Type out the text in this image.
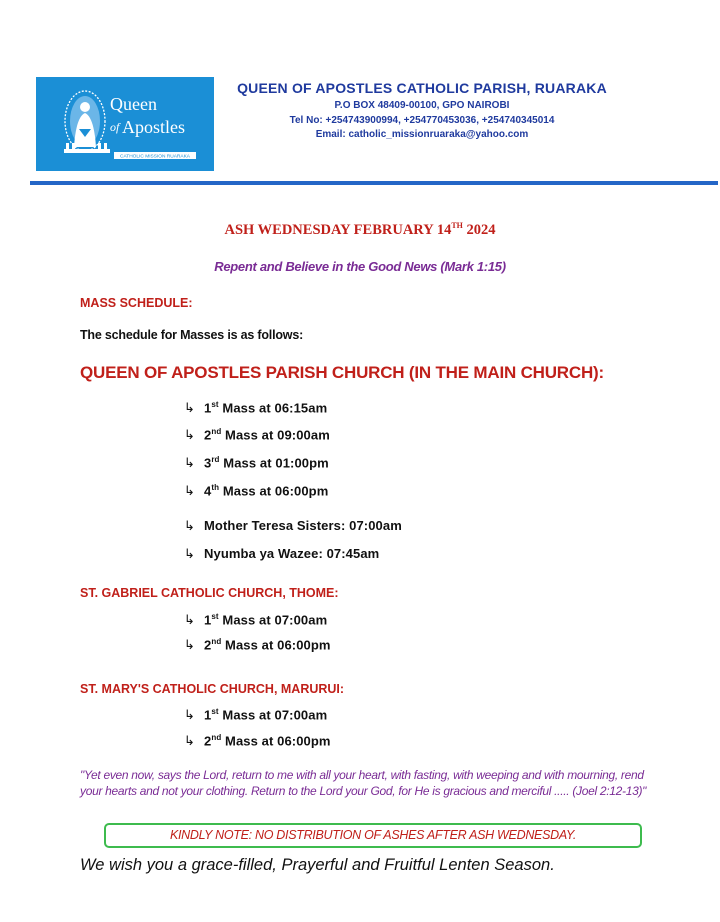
Queen
of Apostles
CATHOLIC MISSION RUARAKA
QUEEN OF APOSTLES CATHOLIC PARISH, RUARAKA
P.O BOX 48409-00100, GPO NAIROBI
Tel No: +254743900994, +254770453036, +254740345014
Email: catholic_missionruaraka@yahoo.com
ASH WEDNESDAY FEBRUARY 14TH 2024
Repent and Believe in the Good News (Mark 1:15)
MASS SCHEDULE:
The schedule for Masses is as follows:
QUEEN OF APOSTLES PARISH CHURCH (IN THE MAIN CHURCH):
↳ 1st Mass at 06:15am
↳ 2nd Mass at 09:00am
↳ 3rd Mass at 01:00pm
↳ 4th Mass at 06:00pm
↳ Mother Teresa Sisters: 07:00am
↳ Nyumba ya Wazee: 07:45am
ST. GABRIEL CATHOLIC CHURCH, THOME:
↳ 1st Mass at 07:00am
↳ 2nd Mass at 06:00pm
ST. MARY'S CATHOLIC CHURCH, MARURUI:
↳ 1st Mass at 07:00am
↳ 2nd Mass at 06:00pm
"Yet even now, says the Lord, return to me with all your heart, with fasting, with weeping and with mourning, rend your hearts and not your clothing. Return to the Lord your God, for He is gracious and merciful ..... (Joel 2:12-13)"
KINDLY NOTE: NO DISTRIBUTION OF ASHES AFTER ASH WEDNESDAY.
We wish you a grace-filled, Prayerful and Fruitful Lenten Season.
